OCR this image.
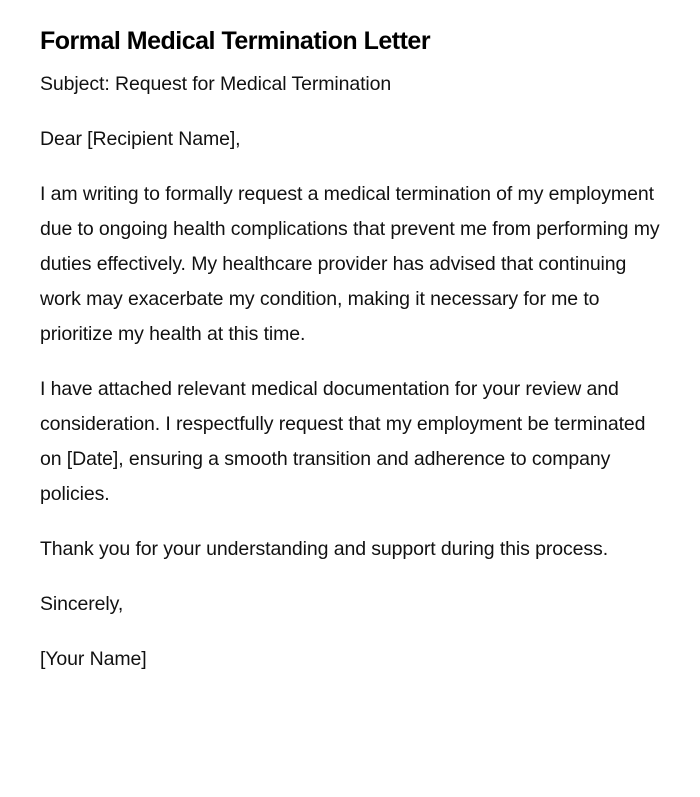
Formal Medical Termination Letter

Subject: Request for Medical Termination

Dear [Recipient Name],

I am writing to formally request a medical termination of my employment due to ongoing health complications that prevent me from performing my duties effectively. My healthcare provider has advised that continuing work may exacerbate my condition, making it necessary for me to prioritize my health at this time.

I have attached relevant medical documentation for your review and consideration. I respectfully request that my employment be terminated on [Date], ensuring a smooth transition and adherence to company policies.

Thank you for your understanding and support during this process.

Sincerely,

[Your Name]
